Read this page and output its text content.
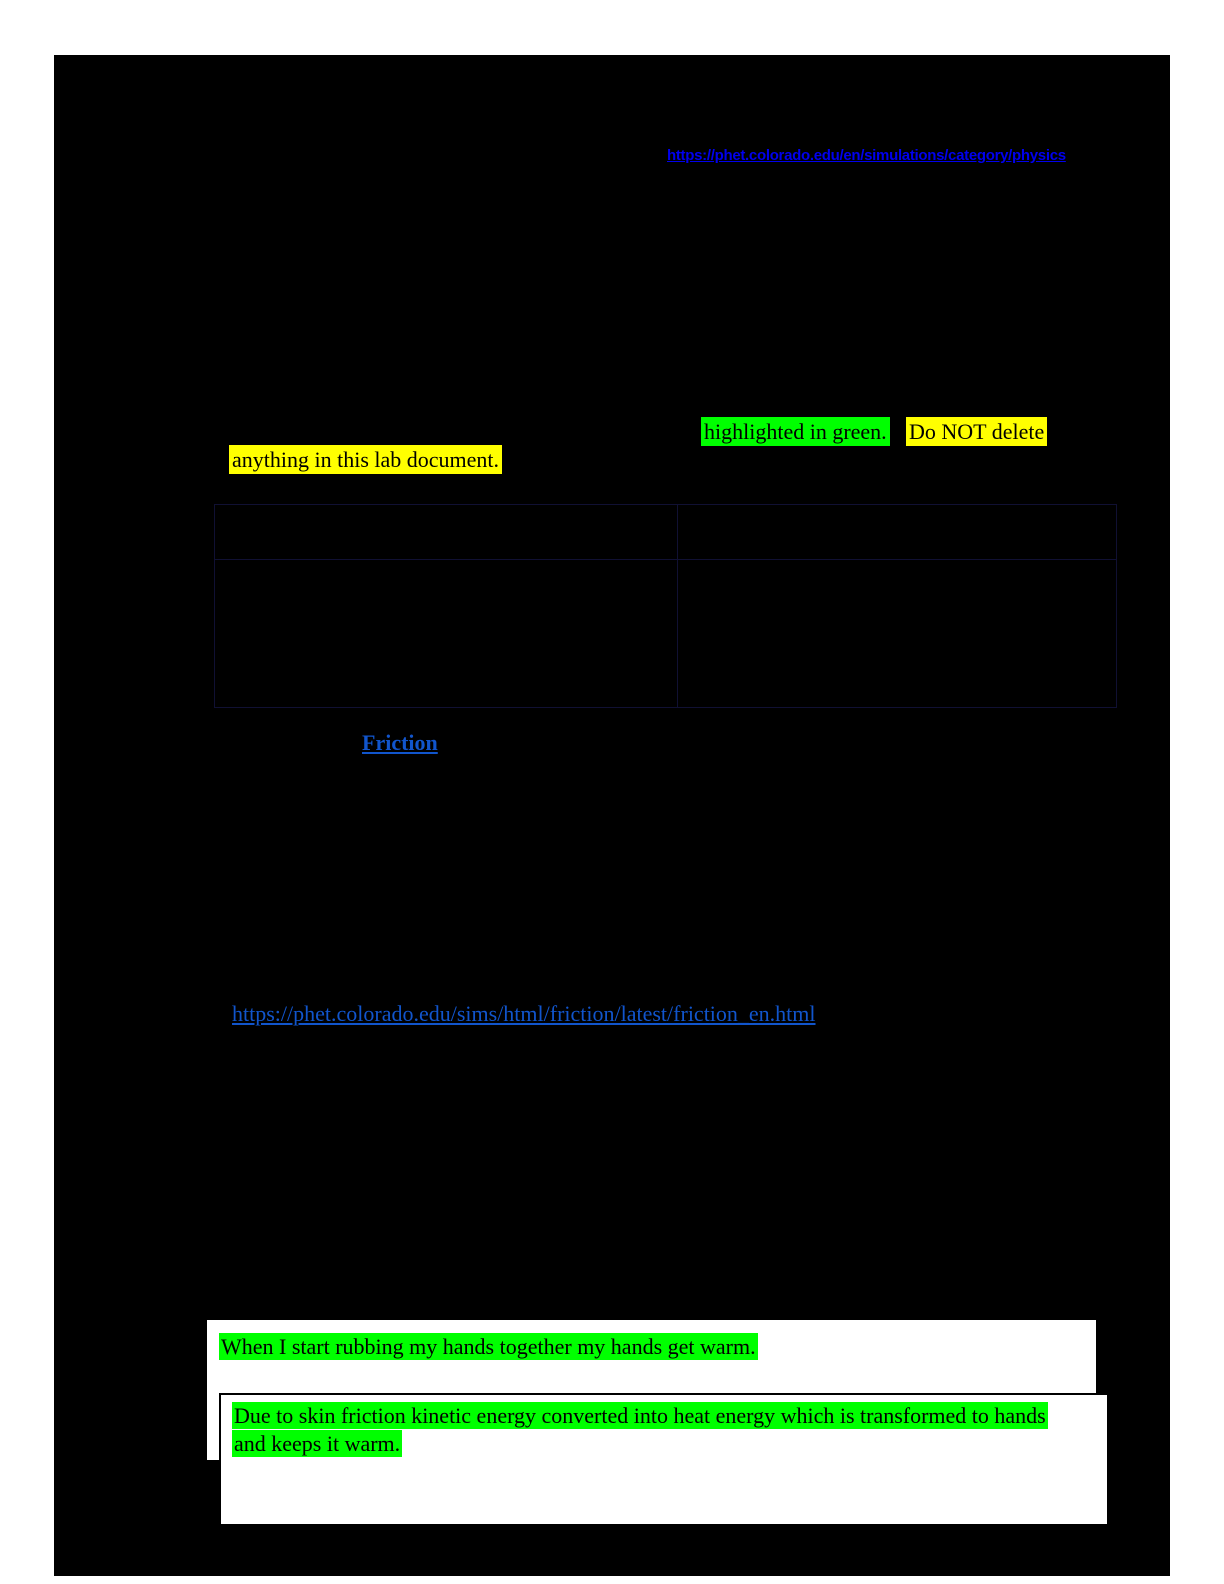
https://phet.colorado.edu/en/simulations/category/physics
highlighted in green. Do NOT delete
anything in this lab document.

Friction
https://phet.colorado.edu/sims/html/friction/latest/friction_en.html
When I start rubbing my hands together my hands get warm.
Due to skin friction kinetic energy converted into heat energy which is transformed to hands and keeps it warm.
